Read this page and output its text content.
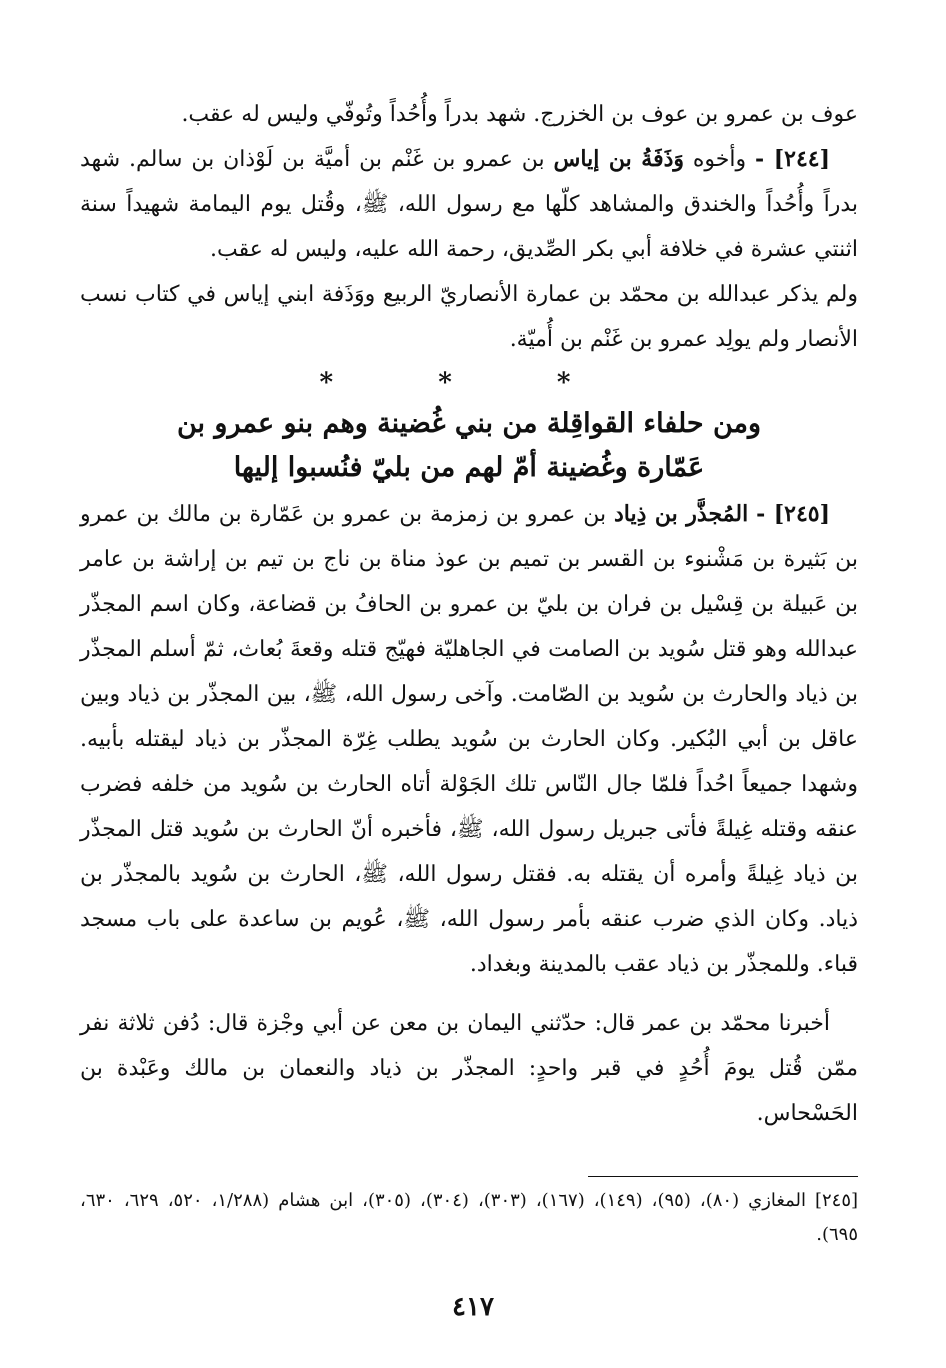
عوف بن عمرو بن عوف بن الخزرج. شهد بدراً وأُحُداً وتُوفّي وليس له عقب.

[٢٤٤] - وأخوه وَذَفَةُ بن إياس بن عمرو بن غَنْم بن أميَّة بن لَوْذان بن سالم. شهد بدراً وأُحُداً والخندق والمشاهد كلّها مع رسول الله، ﷺ، وقُتل يوم اليمامة شهيداً سنة اثنتي عشرة في خلافة أبي بكر الصِّديق، رحمة الله عليه، وليس له عقب.

ولم يذكر عبدالله بن محمّد بن عمارة الأنصاريّ الربيع ووَذَفة ابني إياس في كتاب نسب الأنصار ولم يولِد عمرو بن غَنْم بن أُميّة.

* * *
ومن حلفاء القواقِلة من بني غُضينة وهم بنو عمرو بن
عَمّارة وغُضينة أمّ لهم من بليّ فنُسبوا إليها

[٢٤٥] - المُجذَّر بن ذِياد بن عمرو بن زمزمة بن عمرو بن عَمّارة بن مالك بن عمرو بن بَثيرة بن مَشْنوء بن القسر بن تميم بن عوذ مناة بن ناج بن تيم بن إراشة بن عامر بن عَبيلة بن قِسْيل بن فران بن بليّ بن عمرو بن الحافُ بن قضاعة، وكان اسم المجذّر عبدالله وهو قتل سُويد بن الصامت في الجاهليّة فهيّج قتله وقعةَ بُعاث، ثمّ أسلم المجذّر بن ذياد والحارث بن سُويد بن الصّامت. وآخى رسول الله، ﷺ، بين المجذّر بن ذياد وبين عاقل بن أبي البُكير. وكان الحارث بن سُويد يطلب غِرّة المجذّر بن ذياد ليقتله بأبيه. وشهدا جميعاً احُداً فلمّا جال النّاس تلك الجَوْلة أتاه الحارث بن سُويد من خلفه فضرب عنقه وقتله غِيلةً فأتى جبريل رسول الله، ﷺ، فأخبره أنّ الحارث بن سُويد قتل المجذّر بن ذياد غِيلةً وأمره أن يقتله به. فقتل رسول الله، ﷺ، الحارث بن سُويد بالمجذّر بن ذياد. وكان الذي ضرب عنقه بأمر رسول الله، ﷺ، عُويم بن ساعدة على باب مسجد قباء. وللمجذّر بن ذياد عقب بالمدينة وبغداد.

أخبرنا محمّد بن عمر قال: حدّثني اليمان بن معن عن أبي وجْزة قال: دُفن ثلاثة نفر ممّن قُتل يومَ أُحُدٍ في قبر واحدٍ: المجذّر بن ذياد والنعمان بن مالك وعَبْدة بن الحَسْحاس.

[٢٤٥] المغازي (٨٠)، (٩٥)، (١٤٩)، (١٦٧)، (٣٠٣)، (٣٠٤)، (٣٠٥)، ابن هشام (١/٢٨٨، ٥٢٠، ٦٢٩، ٦٣٠، ٦٩٥).

٤١٧
